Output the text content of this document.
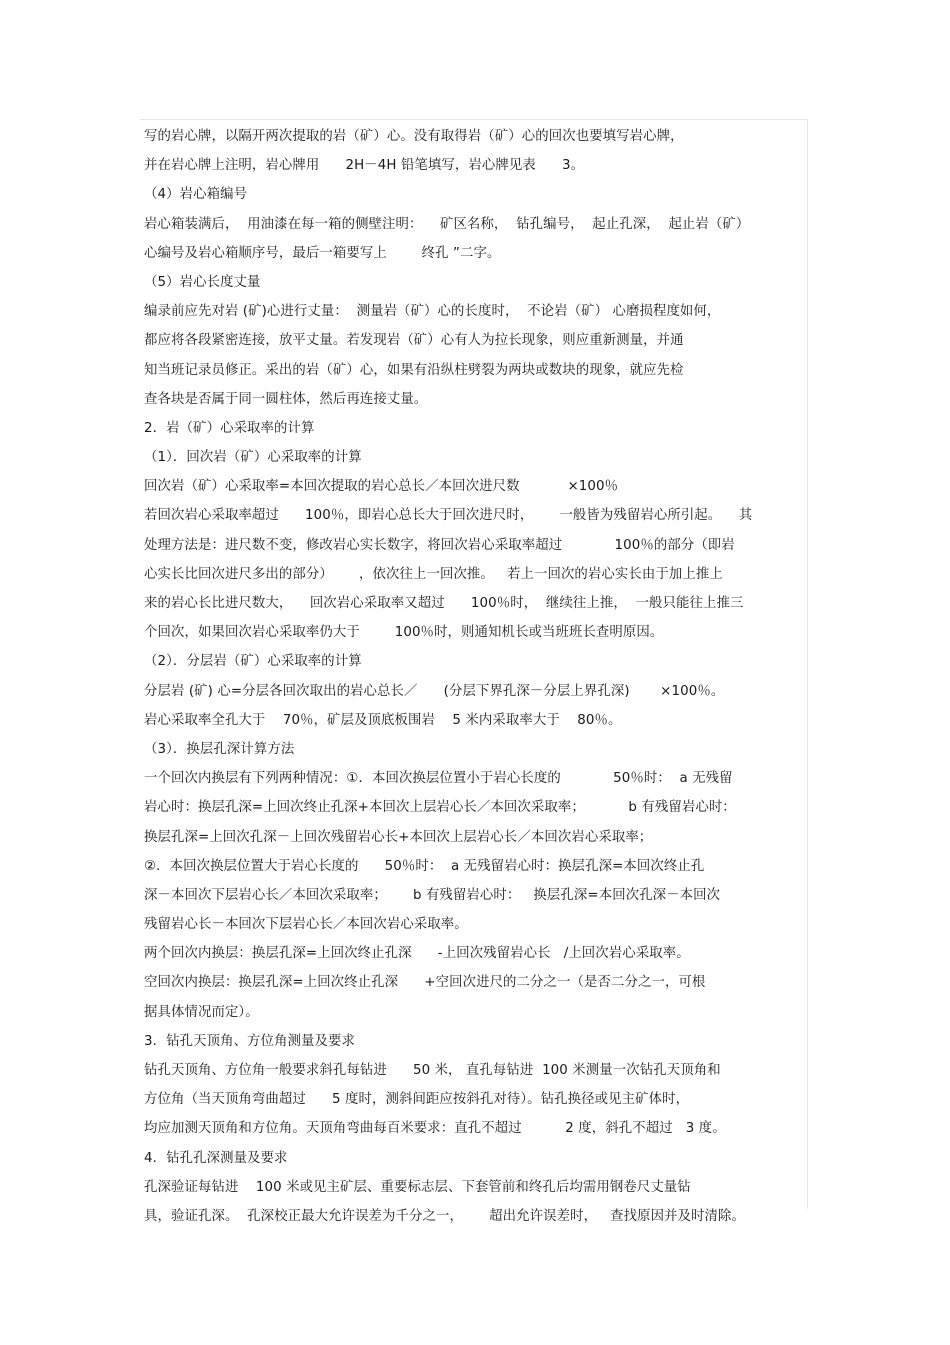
写的岩心牌，以隔开两次提取的岩（矿）心。没有取得岩（矿）心的回次也要填写岩心牌，
并在岩心牌上注明，岩心牌用      2H－4H 铅笔填写，岩心牌见表      3。
（4）岩心箱编号
岩心箱装满后，  用油漆在每一箱的侧壁注明：    矿区名称，  钻孔编号，  起止孔深，  起止岩（矿）
心编号及岩心箱顺序号，最后一箱要写上        终孔 ”二字。
（5）岩心长度丈量
编录前应先对岩 (矿)心进行丈量：  测量岩（矿）心的长度时，  不论岩（矿） 心磨损程度如何，
都应将各段紧密连接，放平丈量。若发现岩（矿）心有人为拉长现象，则应重新测量，并通
知当班记录员修正。采出的岩（矿）心，如果有沿纵柱劈裂为两块或数块的现象，就应先检
查各块是否属于同一圆柱体，然后再连接丈量。
2．岩（矿）心采取率的计算
（1）．回次岩（矿）心采取率的计算
回次岩（矿）心采取率=本回次提取的岩心总长／本回次进尺数           ×100％
若回次岩心采取率超过      100％，即岩心总长大于回次进尺时，      一般皆为残留岩心所引起。    其
处理方法是：进尺数不变，修改岩心实长数字，将回次岩心采取率超过            100％的部分（即岩
心实长比回次进尺多出的部分）      ，依次往上一回次推。   若上一回次的岩心实长由于加上推上
来的岩心长比进尺数大，    回次岩心采取率又超过      100％时，  继续往上推，  一般只能往上推三
个回次，如果回次岩心采取率仍大于        100％时，则通知机长或当班班长查明原因。
（2）．分层岩（矿）心采取率的计算
分层岩 (矿) 心=分层各回次取出的岩心总长／      (分层下界孔深－分层上界孔深)       ×100％。
岩心采取率全孔大于    70％，矿层及顶底板围岩    5 米内采取率大于    80％。
（3）．换层孔深计算方法
一个回次内换层有下列两种情况：①．本回次换层位置小于岩心长度的            50％时：  a 无残留
岩心时：换层孔深=上回次终止孔深+本回次上层岩心长／本回次采取率；          b 有残留岩心时：
换层孔深=上回次孔深－上回次残留岩心长+本回次上层岩心长／本回次岩心采取率；
②．本回次换层位置大于岩心长度的      50％时：  a 无残留岩心时：换层孔深=本回次终止孔
深－本回次下层岩心长／本回次采取率；      b 有残留岩心时：   换层孔深=本回次孔深－本回次
残留岩心长－本回次下层岩心长／本回次岩心采取率。
两个回次内换层：换层孔深=上回次终止孔深      -上回次残留岩心长   /上回次岩心采取率。
空回次内换层：换层孔深=上回次终止孔深      +空回次进尺的二分之一（是否二分之一，可根
据具体情况而定）。
3．钻孔天顶角、方位角测量及要求
钻孔天顶角、方位角一般要求斜孔每钻进      50 米， 直孔每钻进  100 米测量一次钻孔天顶角和
方位角（当天顶角弯曲超过      5 度时，测斜间距应按斜孔对待）。钻孔换径或见主矿体时，
均应加测天顶角和方位角。天顶角弯曲每百米要求：直孔不超过          2 度，斜孔不超过   3 度。
4．钻孔孔深测量及要求
孔深验证每钻进    100 米或见主矿层、重要标志层、下套管前和终孔后均需用钢卷尺丈量钻
具，验证孔深。  孔深校正最大允许误差为千分之一，      超出允许误差时，   查找原因并及时清除。
